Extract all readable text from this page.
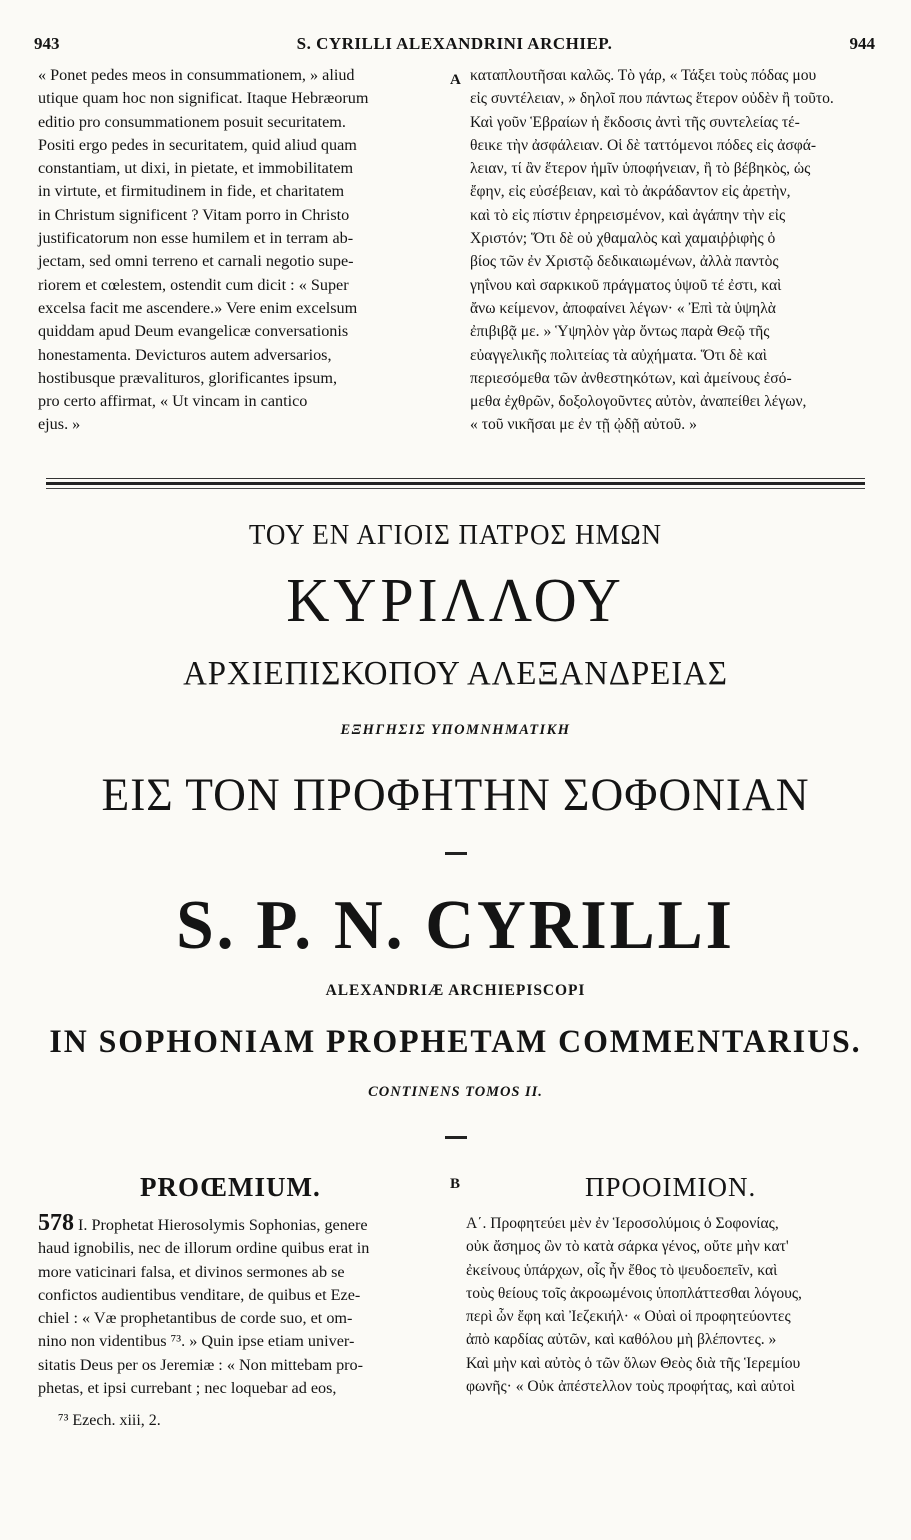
943	S. CYRILLI ALEXANDRINI ARCHIEP.	944
« Ponet pedes meos in consummationem, » aliud
utique quam hoc non significat. Itaque Hebræorum
editio pro consummationem posuit securitatem.
Positi ergo pedes in securitatem, quid aliud quam
constantiam, ut dixi, in pietate, et immobilitatem
in virtute, et firmitudinem in fide, et charitatem
in Christum significent ? Vitam porro in Christo
justificatorum non esse humilem et in terram ab-
jectam, sed omni terreno et carnali negotio supe-
riorem et cœlestem, ostendit cum dicit : « Super
excelsa facit me ascendere.» Vere enim excelsum
quiddam apud Deum evangelicæ conversationis
honestamenta. Devicturos autem adversarios,
hostibusque prævalituros, glorificantes ipsum,
pro certo affirmat, « Ut vincam in cantico
ejus. »
A καταπλουτῆσαι καλῶς. Τὸ γάρ, « Τάξει τοὺς πόδας μου
εἰς συντέλειαν, » δηλοῖ που πάντως ἕτερον οὐδὲν ἢ τοῦτο.
Καὶ γοῦν Ἑβραίων ἡ ἔκδοσις ἀντὶ τῆς συντελείας τέ-
θεικε τὴν ἀσφάλειαν. Οἱ δὲ ταττόμενοι πόδες εἰς ἀσφά-
λειαν, τί ἂν ἕτερον ἡμῖν ὑποφήνειαν, ἢ τὸ βέβηκὸς, ὡς
ἔφην, εἰς εὐσέβειαν, καὶ τὸ ἀκράδαντον εἰς ἀρετὴν,
καὶ τὸ εἰς πίστιν ἐρηρεισμένον, καὶ ἀγάπην τὴν εἰς
Χριστόν; Ὅτι δὲ οὐ χθαμαλὸς καὶ χαμαιῤῥιφὴς ὁ
βίος τῶν ἐν Χριστῷ δεδικαιωμένων, ἀλλὰ παντὸς
γηΐνου καὶ σαρκικοῦ πράγματος ὑψοῦ τέ ἐστι, καὶ
ἄνω κείμενον, ἀποφαίνει λέγων· « Ἐπὶ τὰ ὑψηλὰ
ἐπιβιβᾷ με. » Ὑψηλὸν γὰρ ὄντως παρὰ Θεῷ τῆς
εὐαγγελικῆς πολιτείας τὰ αὐχήματα. Ὅτι δὲ καὶ
περιεσόμεθα τῶν ἀνθεστηκότων, καὶ ἀμείνους ἐσό-
μεθα ἐχθρῶν, δοξολογοῦντες αὐτὸν, ἀναπείθει λέγων,
« τοῦ νικῆσαι με ἐν τῇ ᾠδῇ αὐτοῦ. »
ΤΟΥ ΕΝ ΑΓΙΟΙΣ ΠΑΤΡΟΣ ΗΜΩΝ
ΚΥΡΙΛΛΟΥ
ΑΡΧΙΕΠΙΣΚΟΠΟΥ ΑΛΕΞΑΝΔΡΕΙΑΣ
ΕΞΗΓΗΣΙΣ ΥΠΟΜΝΗΜΑΤΙΚΗ
ΕΙΣ ΤΟΝ ΠΡΟΦΗΤΗΝ ΣΟΦΟΝΙΑΝ
S. P. N. CYRILLI
ALEXANDRIÆ ARCHIEPISCOPI
IN SOPHONIAM PROPHETAM COMMENTARIUS.
CONTINENS TOMOS II.
PROŒMIUM.	B	ΠΡΟΟΙΜΙΟΝ.
578 I. Prophetat Hierosolymis Sophonias, genere
haud ignobilis, nec de illorum ordine quibus erat in
more vaticinari falsa, et divinos sermones ab se
confictos audientibus venditare, de quibus et Eze-
chiel : « Væ prophetantibus de corde suo, et om-
nino non videntibus ⁷³. » Quin ipse etiam univer-
sitatis Deus per os Jeremiæ : « Non mittebam pro-
phetas, et ipsi currebant ; nec loquebar ad eos,
Α΄. Προφητεύει μὲν ἐν Ἱεροσολύμοις ὁ Σοφονίας,
οὐκ ἄσημος ὢν τὸ κατὰ σάρκα γένος, οὔτε μὴν κατ'
ἐκείνους ὑπάρχων, οἷς ἦν ἔθος τὸ ψευδοεπεῖν, καὶ
τοὺς θείους τοῖς ἀκροωμένοις ὑποπλάττεσθαι λόγους,
περὶ ὧν ἔφη καὶ Ἰεζεκιήλ· « Οὐαὶ οἱ προφητεύοντες
ἀπὸ καρδίας αὐτῶν, καὶ καθόλου μὴ βλέποντες. »
Καὶ μὴν καὶ αὐτὸς ὁ τῶν ὅλων Θεὸς διὰ τῆς Ἱερεμίου
φωνῆς· « Οὐκ ἀπέστελλον τοὺς προφήτας, καὶ αὐτοὶ
⁷³ Ezech. xiii, 2.
